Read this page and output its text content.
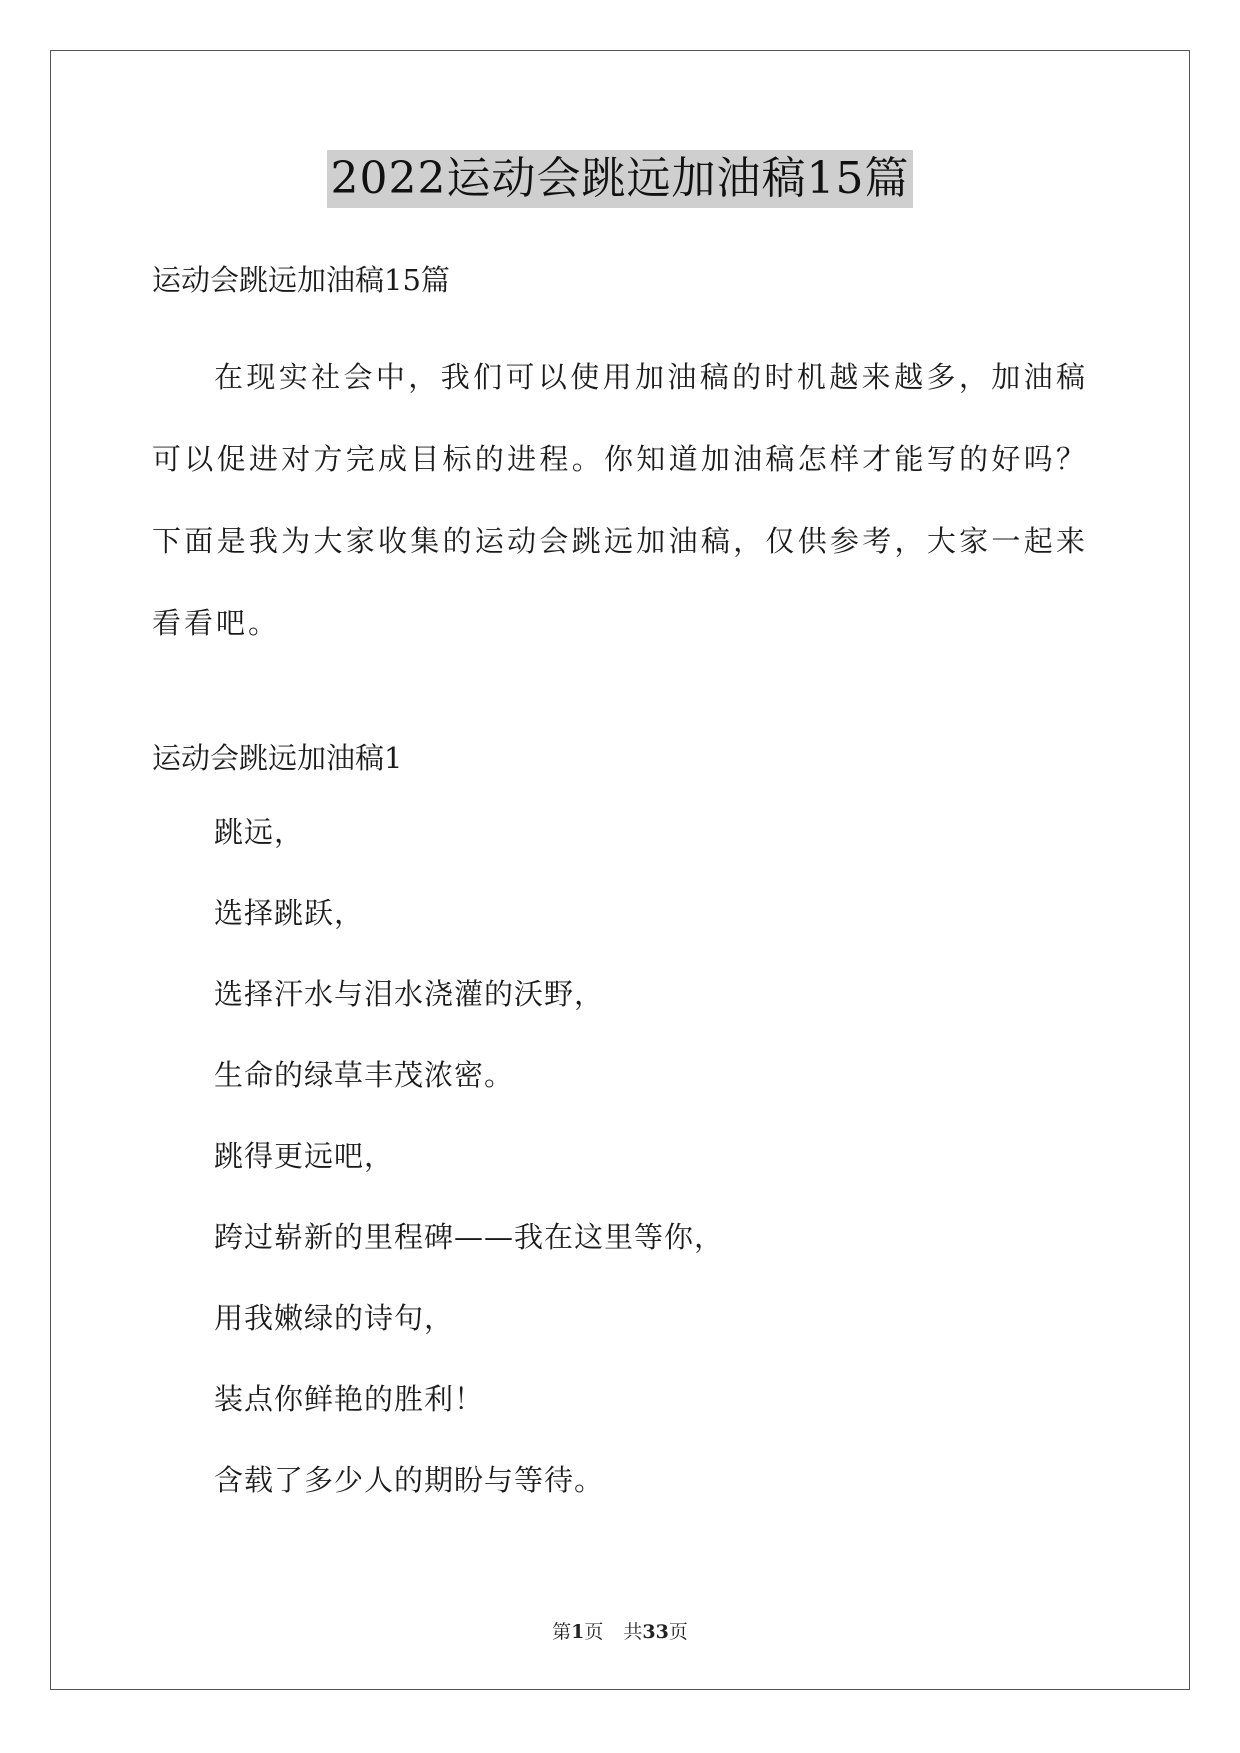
2022运动会跳远加油稿15篇

运动会跳远加油稿15篇

在现实社会中，我们可以使用加油稿的时机越来越多，加油稿可以促进对方完成目标的进程。你知道加油稿怎样才能写的好吗？下面是我为大家收集的运动会跳远加油稿，仅供参考，大家一起来看看吧。

运动会跳远加油稿1

跳远，
选择跳跃，
选择汗水与泪水浇灌的沃野，
生命的绿草丰茂浓密。
跳得更远吧，
跨过崭新的里程碑——我在这里等你，
用我嫩绿的诗句，
装点你鲜艳的胜利！
含载了多少人的期盼与等待。
第1页 共33页
